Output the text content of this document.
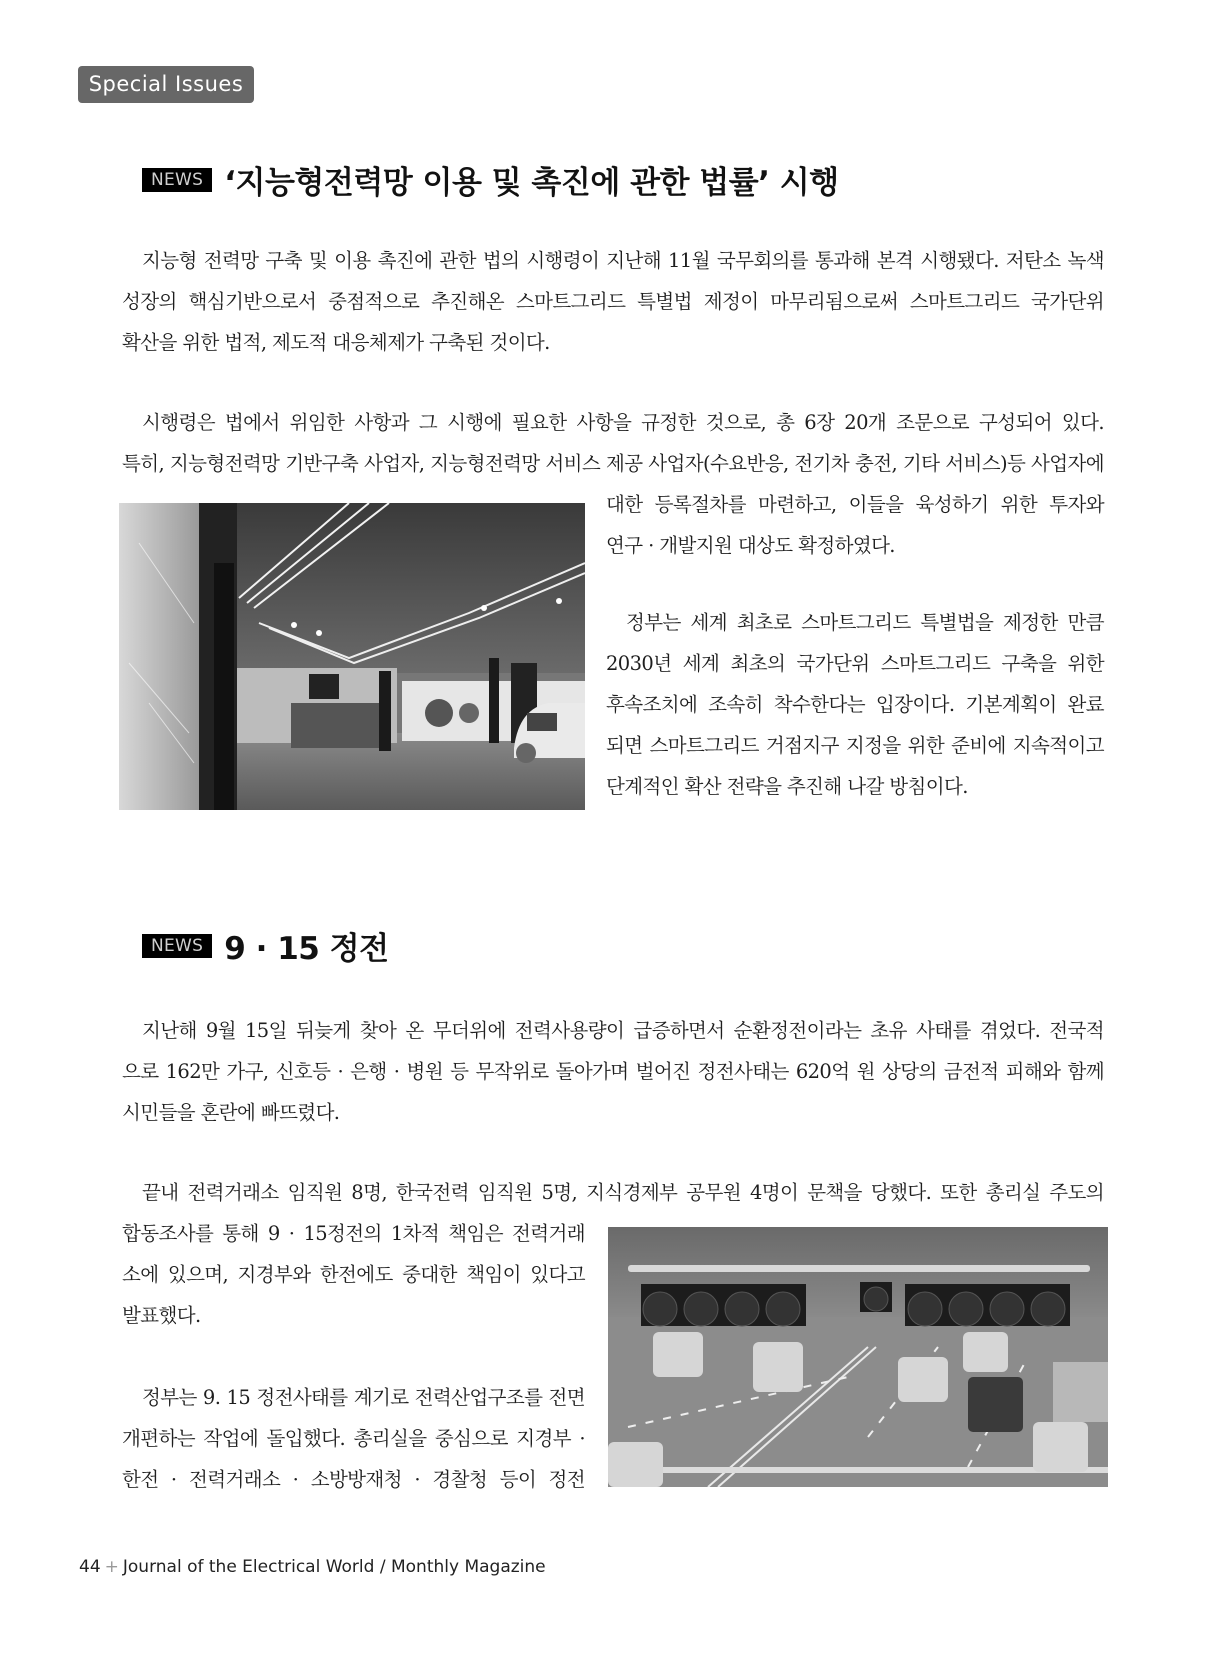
Special Issues
NEWS ‘지능형전력망 이용 및 촉진에 관한 법률’ 시행
지능형 전력망 구축 및 이용 촉진에 관한 법의 시행령이 지난해 11월 국무회의를 통과해 본격 시행됐다. 저탄소 녹색
성장의 핵심기반으로서 중점적으로 추진해온 스마트그리드 특별법 제정이 마무리됨으로써 스마트그리드 국가단위
확산을 위한 법적, 제도적 대응체제가 구축된 것이다.
시행령은 법에서 위임한 사항과 그 시행에 필요한 사항을 규정한 것으로, 총 6장 20개 조문으로 구성되어 있다.
특히, 지능형전력망 기반구축 사업자, 지능형전력망 서비스 제공 사업자(수요반응, 전기차 충전, 기타 서비스)등 사업자에
대한 등록절차를 마련하고, 이들을 육성하기 위한 투자와
연구 · 개발지원 대상도 확정하였다.
정부는 세계 최초로 스마트그리드 특별법을 제정한 만큼
2030년 세계 최초의 국가단위 스마트그리드 구축을 위한
후속조치에 조속히 착수한다는 입장이다. 기본계획이 완료
되면 스마트그리드 거점지구 지정을 위한 준비에 지속적이고
단계적인 확산 전략을 추진해 나갈 방침이다.
NEWS 9 · 15 정전
지난해 9월 15일 뒤늦게 찾아 온 무더위에 전력사용량이 급증하면서 순환정전이라는 초유 사태를 겪었다. 전국적
으로 162만 가구, 신호등 · 은행 · 병원 등 무작위로 돌아가며 벌어진 정전사태는 620억 원 상당의 금전적 피해와 함께
시민들을 혼란에 빠뜨렸다.
끝내 전력거래소 임직원 8명, 한국전력 임직원 5명, 지식경제부 공무원 4명이 문책을 당했다. 또한 총리실 주도의
합동조사를 통해 9 · 15정전의 1차적 책임은 전력거래
소에 있으며, 지경부와 한전에도 중대한 책임이 있다고
발표했다.
정부는 9. 15 정전사태를 계기로 전력산업구조를 전면
개편하는 작업에 돌입했다. 총리실을 중심으로 지경부 ·
한전 · 전력거래소 · 소방방재청 · 경찰청 등이 정전
44 + Journal of the Electrical World / Monthly Magazine
